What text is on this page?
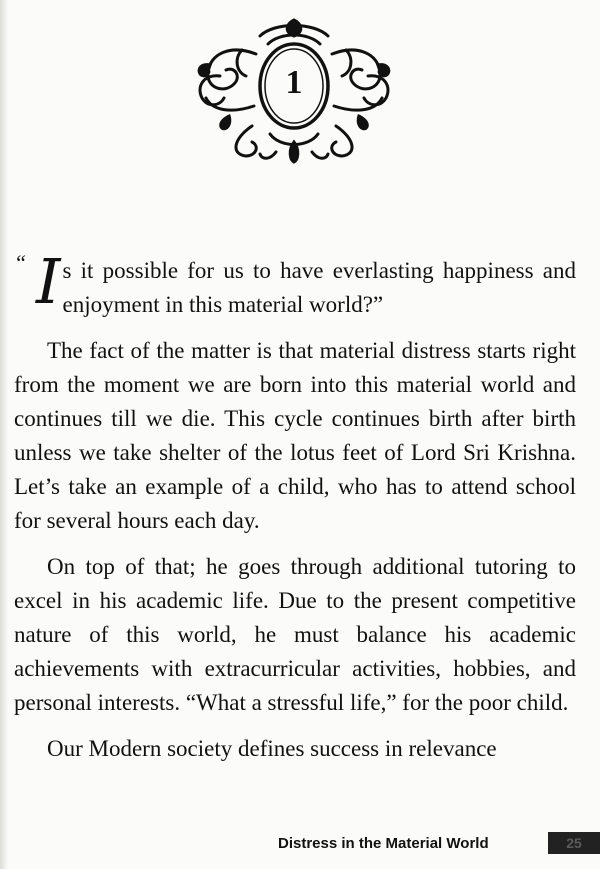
1
“ Is it possible for us to have everlasting happiness and enjoyment in this material world?”

The fact of the matter is that material distress starts right from the moment we are born into this material world and continues till we die. This cycle continues birth after birth unless we take shelter of the lotus feet of Lord Sri Krishna. Let’s take an example of a child, who has to attend school for several hours each day.

On top of that; he goes through additional tutoring to excel in his academic life. Due to the present competitive nature of this world, he must balance his academic achievements with extracurricular activities, hobbies, and personal interests. “What a stressful life,” for the poor child.

Our Modern society defines success in relevance

Distress in the Material World	25
